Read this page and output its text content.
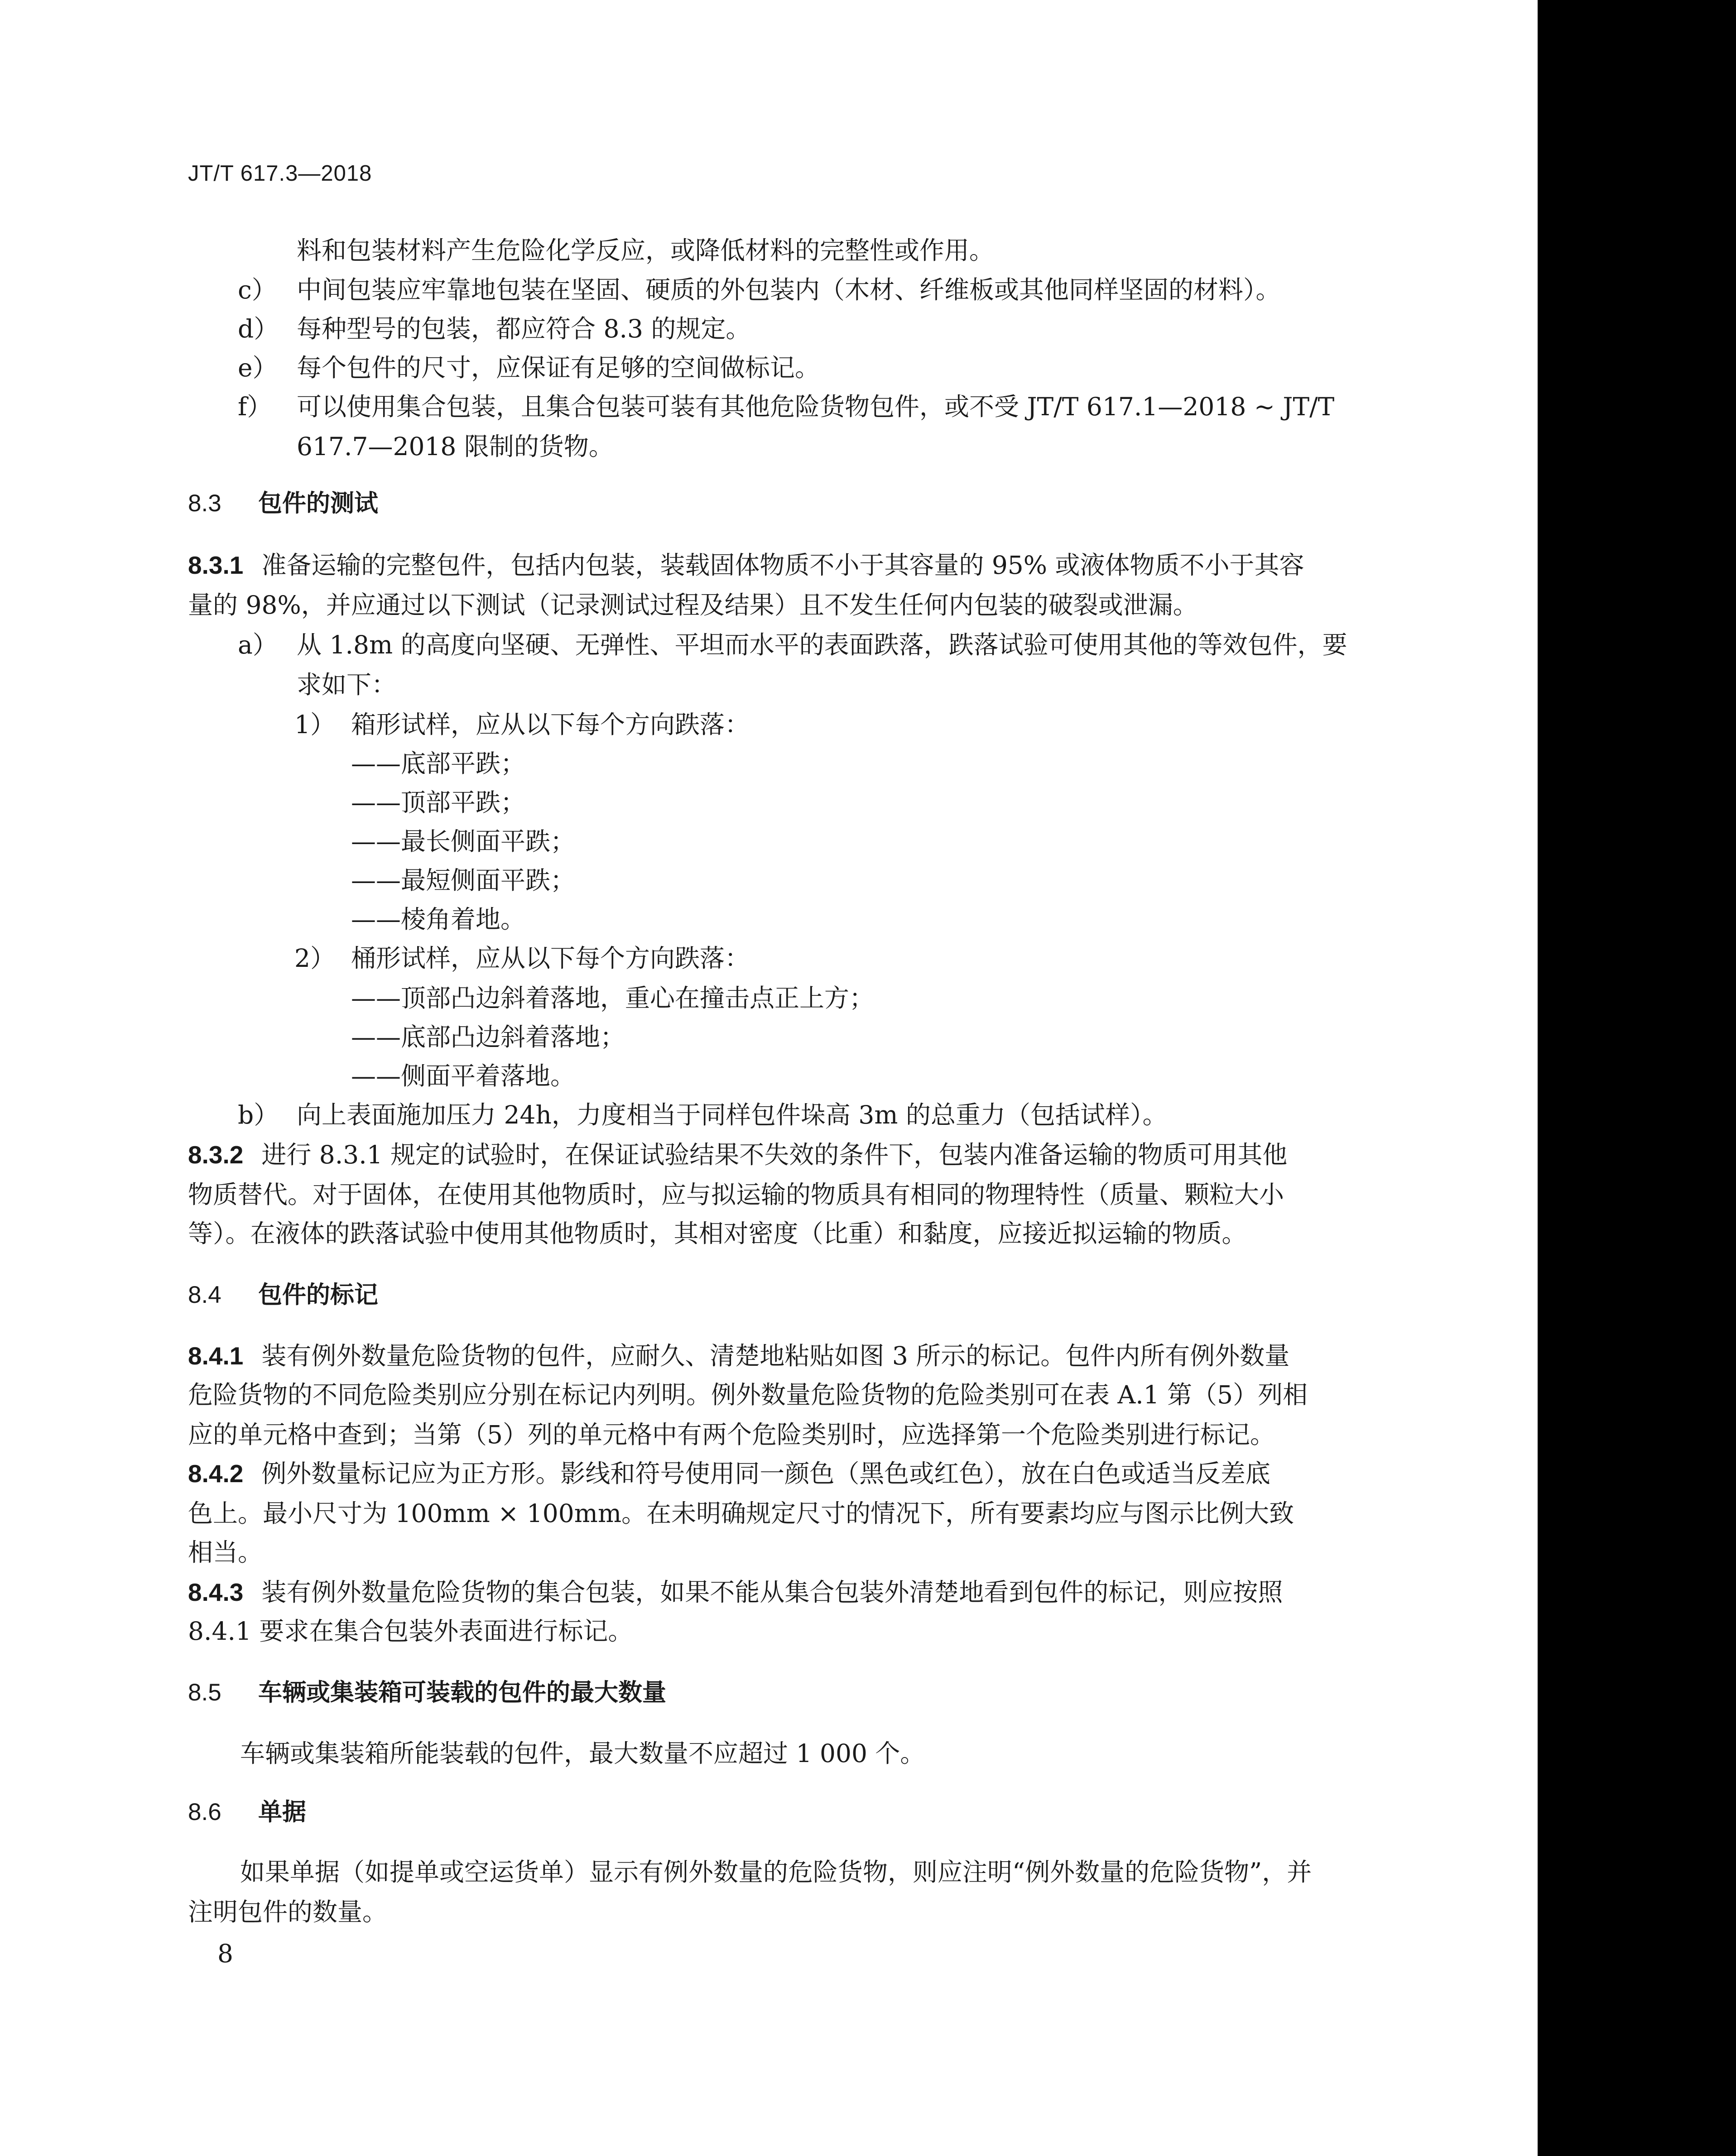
JT/T 617.3—2018
料和包装材料产生危险化学反应，或降低材料的完整性或作用。
c） 中间包装应牢靠地包装在坚固、硬质的外包装内（木材、纤维板或其他同样坚固的材料）。
d） 每种型号的包装，都应符合 8.3 的规定。
e） 每个包件的尺寸，应保证有足够的空间做标记。
f） 可以使用集合包装，且集合包装可装有其他危险货物包件，或不受 JT/T 617.1—2018 ~ JT/T
617.7—2018 限制的货物。
8.3 包件的测试
8.3.1 准备运输的完整包件，包括内包装，装载固体物质不小于其容量的 95% 或液体物质不小于其容
量的 98%，并应通过以下测试（记录测试过程及结果）且不发生任何内包装的破裂或泄漏。
a） 从 1.8m 的高度向坚硬、无弹性、平坦而水平的表面跌落，跌落试验可使用其他的等效包件，要
求如下：
1） 箱形试样，应从以下每个方向跌落：
——底部平跌；
——顶部平跌；
——最长侧面平跌；
——最短侧面平跌；
——棱角着地。
2） 桶形试样，应从以下每个方向跌落：
——顶部凸边斜着落地，重心在撞击点正上方；
——底部凸边斜着落地；
——侧面平着落地。
b） 向上表面施加压力 24h，力度相当于同样包件垛高 3m 的总重力（包括试样）。
8.3.2 进行 8.3.1 规定的试验时，在保证试验结果不失效的条件下，包装内准备运输的物质可用其他
物质替代。对于固体，在使用其他物质时，应与拟运输的物质具有相同的物理特性（质量、颗粒大小
等）。在液体的跌落试验中使用其他物质时，其相对密度（比重）和黏度，应接近拟运输的物质。
8.4 包件的标记
8.4.1 装有例外数量危险货物的包件，应耐久、清楚地粘贴如图 3 所示的标记。包件内所有例外数量
危险货物的不同危险类别应分别在标记内列明。例外数量危险货物的危险类别可在表 A.1 第（5）列相
应的单元格中查到；当第（5）列的单元格中有两个危险类别时，应选择第一个危险类别进行标记。
8.4.2 例外数量标记应为正方形。影线和符号使用同一颜色（黑色或红色），放在白色或适当反差底
色上。最小尺寸为 100mm × 100mm。在未明确规定尺寸的情况下，所有要素均应与图示比例大致
相当。
8.4.3 装有例外数量危险货物的集合包装，如果不能从集合包装外清楚地看到包件的标记，则应按照
8.4.1 要求在集合包装外表面进行标记。
8.5 车辆或集装箱可装载的包件的最大数量
车辆或集装箱所能装载的包件，最大数量不应超过 1 000 个。
8.6 单据
如果单据（如提单或空运货单）显示有例外数量的危险货物，则应注明“例外数量的危险货物”，并
注明包件的数量。
8
